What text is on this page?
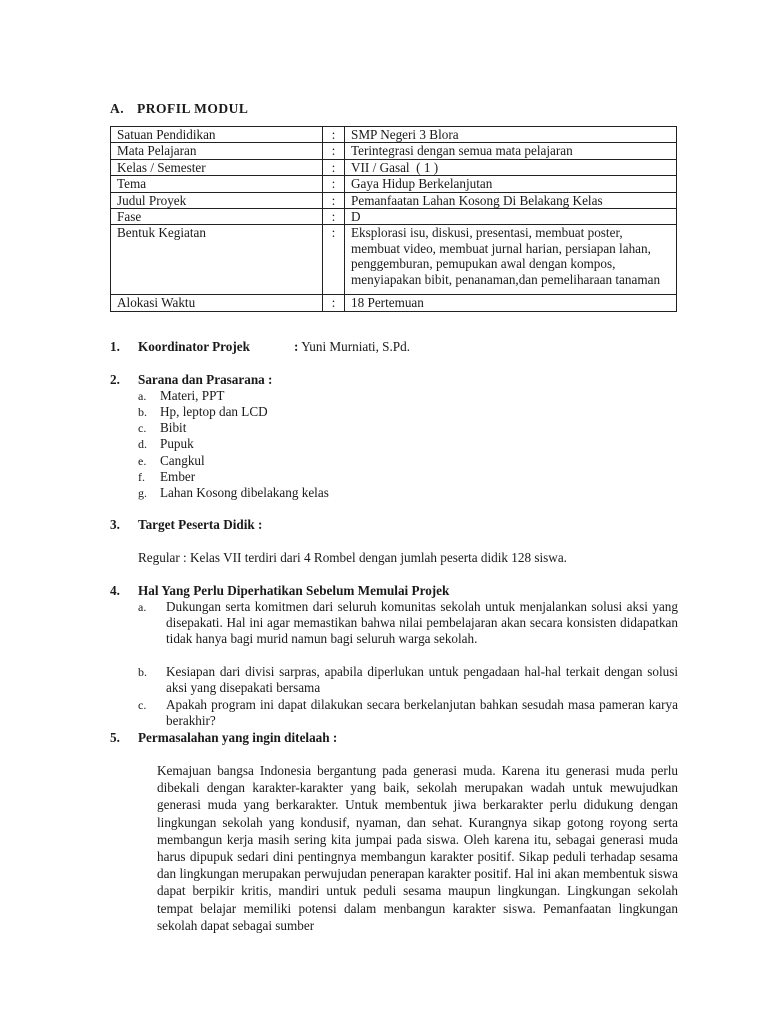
A. PROFIL MODUL
Satuan Pendidikan	:	SMP Negeri 3 Blora
Mata Pelajaran	:	Terintegrasi dengan semua mata pelajaran
Kelas / Semester	:	VII / Gasal  ( 1 )
Tema	:	Gaya Hidup Berkelanjutan
Judul Proyek	:	Pemanfaatan Lahan Kosong Di Belakang Kelas
Fase	:	D
Bentuk Kegiatan	:	Eksplorasi isu, diskusi, presentasi, membuat poster, membuat video, membuat jurnal harian, persiapan lahan, penggemburan, pemupukan awal dengan kompos, menyiapakan bibit, penanaman,dan pemeliharaan tanaman
Alokasi Waktu	:	18 Pertemuan
1. Koordinator Projek	: Yuni Murniati, S.Pd.
2. Sarana dan Prasarana :
a. Materi, PPT
b. Hp, leptop dan LCD
c. Bibit
d. Pupuk
e. Cangkul
f. Ember
g. Lahan Kosong dibelakang kelas
3. Target Peserta Didik :
Regular : Kelas VII terdiri dari 4 Rombel dengan jumlah peserta didik 128 siswa.
4. Hal Yang Perlu Diperhatikan Sebelum Memulai Projek
a. Dukungan serta komitmen dari seluruh komunitas sekolah untuk menjalankan solusi aksi yang disepakati. Hal ini agar memastikan bahwa nilai pembelajaran akan secara konsisten didapatkan tidak hanya bagi murid namun bagi seluruh warga sekolah.
b. Kesiapan dari divisi sarpras, apabila diperlukan untuk pengadaan hal-hal terkait dengan solusi aksi yang disepakati bersama
c. Apakah program ini dapat dilakukan secara berkelanjutan bahkan sesudah masa pameran karya berakhir?
5. Permasalahan yang ingin ditelaah :
Kemajuan bangsa Indonesia bergantung pada generasi muda. Karena itu generasi muda perlu dibekali dengan karakter-karakter yang baik, sekolah merupakan wadah untuk mewujudkan generasi muda yang berkarakter. Untuk membentuk jiwa berkarakter perlu didukung dengan lingkungan sekolah yang kondusif, nyaman, dan sehat. Kurangnya sikap gotong royong serta membangun kerja masih sering kita jumpai pada siswa. Oleh karena itu, sebagai generasi muda harus dipupuk sedari dini pentingnya membangun karakter positif. Sikap peduli terhadap sesama dan lingkungan merupakan perwujudan penerapan karakter positif. Hal ini akan membentuk siswa dapat berpikir kritis, mandiri untuk peduli sesama maupun lingkungan. Lingkungan sekolah tempat belajar memiliki potensi dalam menbangun karakter siswa. Pemanfaatan lingkungan sekolah dapat sebagai sumber
